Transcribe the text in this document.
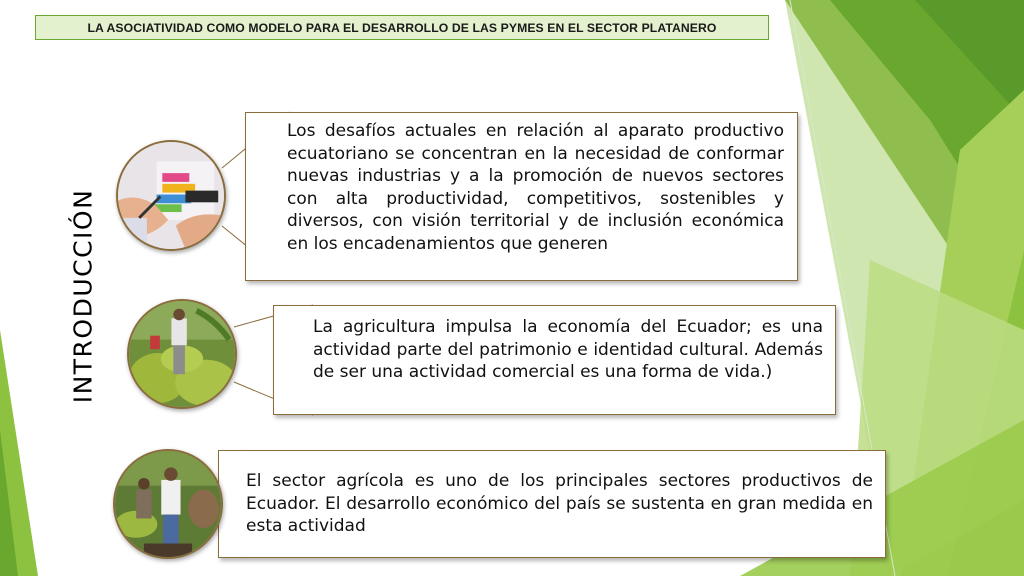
LA ASOCIATIVIDAD COMO MODELO PARA EL DESARROLLO DE LAS PYMES EN EL SECTOR PLATANERO
INTRODUCCIÓN

Los desafíos actuales en relación al aparato productivo ecuatoriano se concentran en la necesidad de conformar nuevas industrias y a la promoción de nuevos sectores con alta productividad, competitivos, sostenibles y diversos, con visión territorial y de inclusión económica en los encadenamientos que generen

La agricultura impulsa la economía del Ecuador; es una actividad parte del patrimonio e identidad cultural. Además de ser una actividad comercial es una forma de vida.)

El sector agrícola es uno de los principales sectores productivos de Ecuador. El desarrollo económico del país se sustenta en gran medida en esta actividad
